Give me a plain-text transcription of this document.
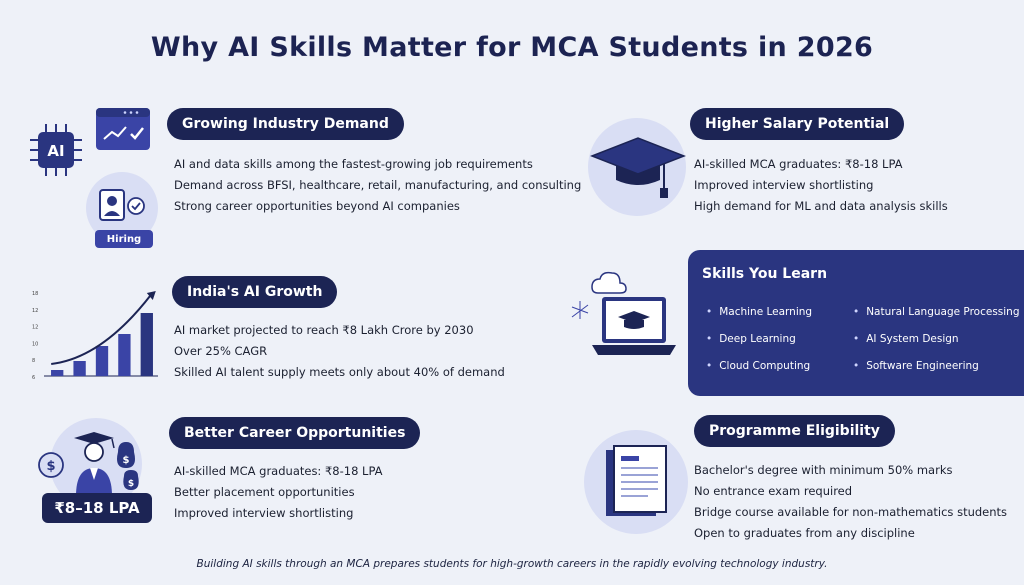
Why AI Skills Matter for MCA Students in 2026
AI
Hiring
Growing Industry Demand
AI and data skills among the fastest-growing job requirements
Demand across BFSI, healthcare, retail, manufacturing, and consulting
Strong career opportunities beyond AI companies
18
12
12
10
8
6
India's AI Growth
AI market projected to reach ₹8 Lakh Crore by 2030
Over 25% CAGR
Skilled AI talent supply meets only about 40% of demand
$	$
$
₹8–18 LPA
Better Career Opportunities
AI-skilled MCA graduates: ₹8-18 LPA
Better placement opportunities
Improved interview shortlisting
Higher Salary Potential
AI-skilled MCA graduates: ₹8-18 LPA
Improved interview shortlisting
High demand for ML and data analysis skills
Skills You Learn
• Machine Learning
• Deep Learning
• Cloud Computing
• Natural Language Processing
• AI System Design
• Software Engineering
Programme Eligibility
Bachelor's degree with minimum 50% marks
No entrance exam required
Bridge course available for non-mathematics students
Open to graduates from any discipline
Building AI skills through an MCA prepares students for high-growth careers in the rapidly evolving technology industry.
